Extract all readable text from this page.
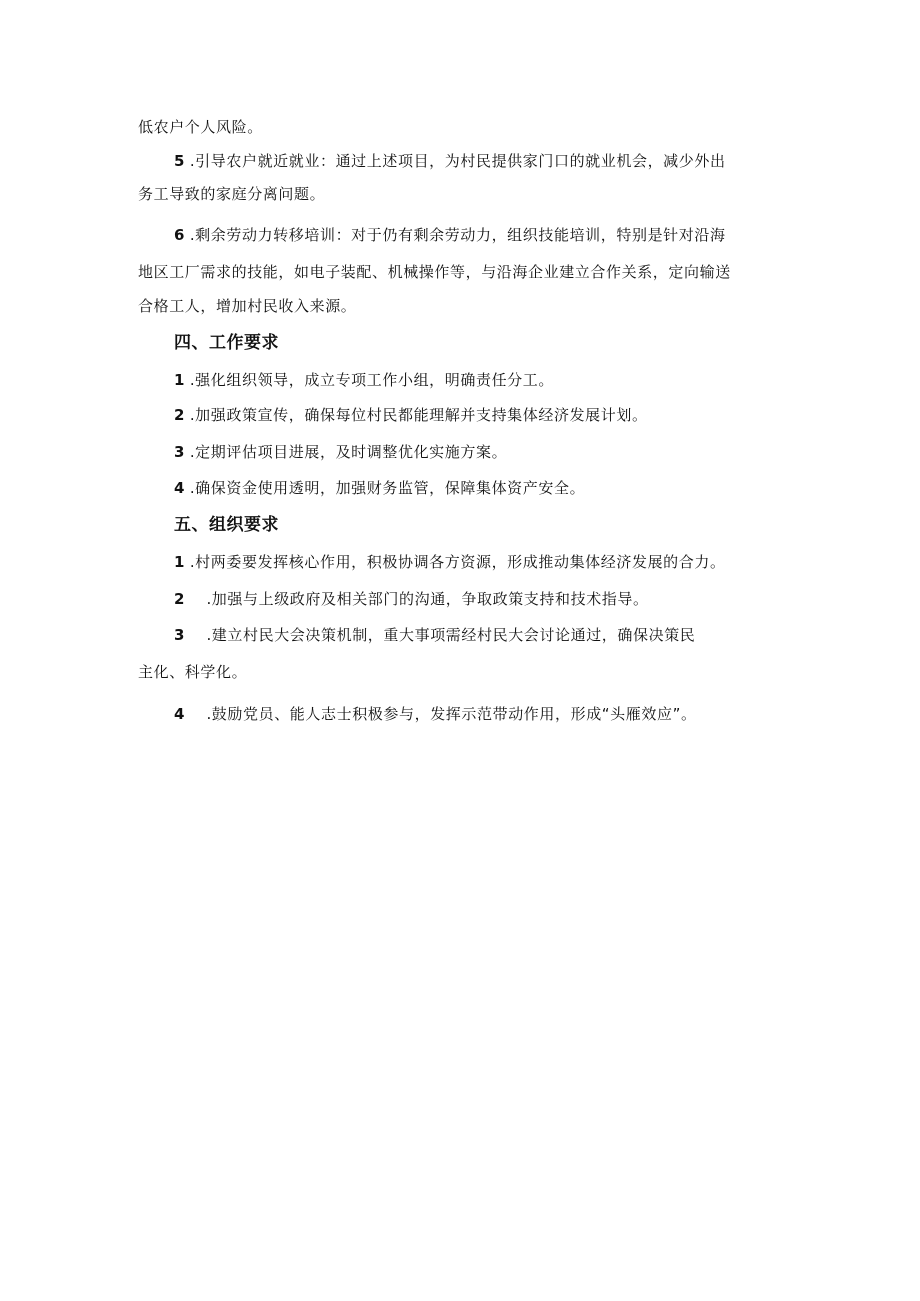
低农户个人风险。
5 .引导农户就近就业：通过上述项目，为村民提供家门口的就业机会，减少外出
务工导致的家庭分离问题。
6 .剩余劳动力转移培训：对于仍有剩余劳动力，组织技能培训，特别是针对沿海
地区工厂需求的技能，如电子装配、机械操作等，与沿海企业建立合作关系，定向输送
合格工人，增加村民收入来源。
四、工作要求
1 .强化组织领导，成立专项工作小组，明确责任分工。
2 .加强政策宣传，确保每位村民都能理解并支持集体经济发展计划。
3 .定期评估项目进展，及时调整优化实施方案。
4 .确保资金使用透明，加强财务监管，保障集体资产安全。
五、组织要求
1 .村两委要发挥核心作用，积极协调各方资源，形成推动集体经济发展的合力。
2 .加强与上级政府及相关部门的沟通，争取政策支持和技术指导。
3 .建立村民大会决策机制，重大事项需经村民大会讨论通过，确保决策民
主化、科学化。
4 .鼓励党员、能人志士积极参与，发挥示范带动作用，形成“头雁效应”。
